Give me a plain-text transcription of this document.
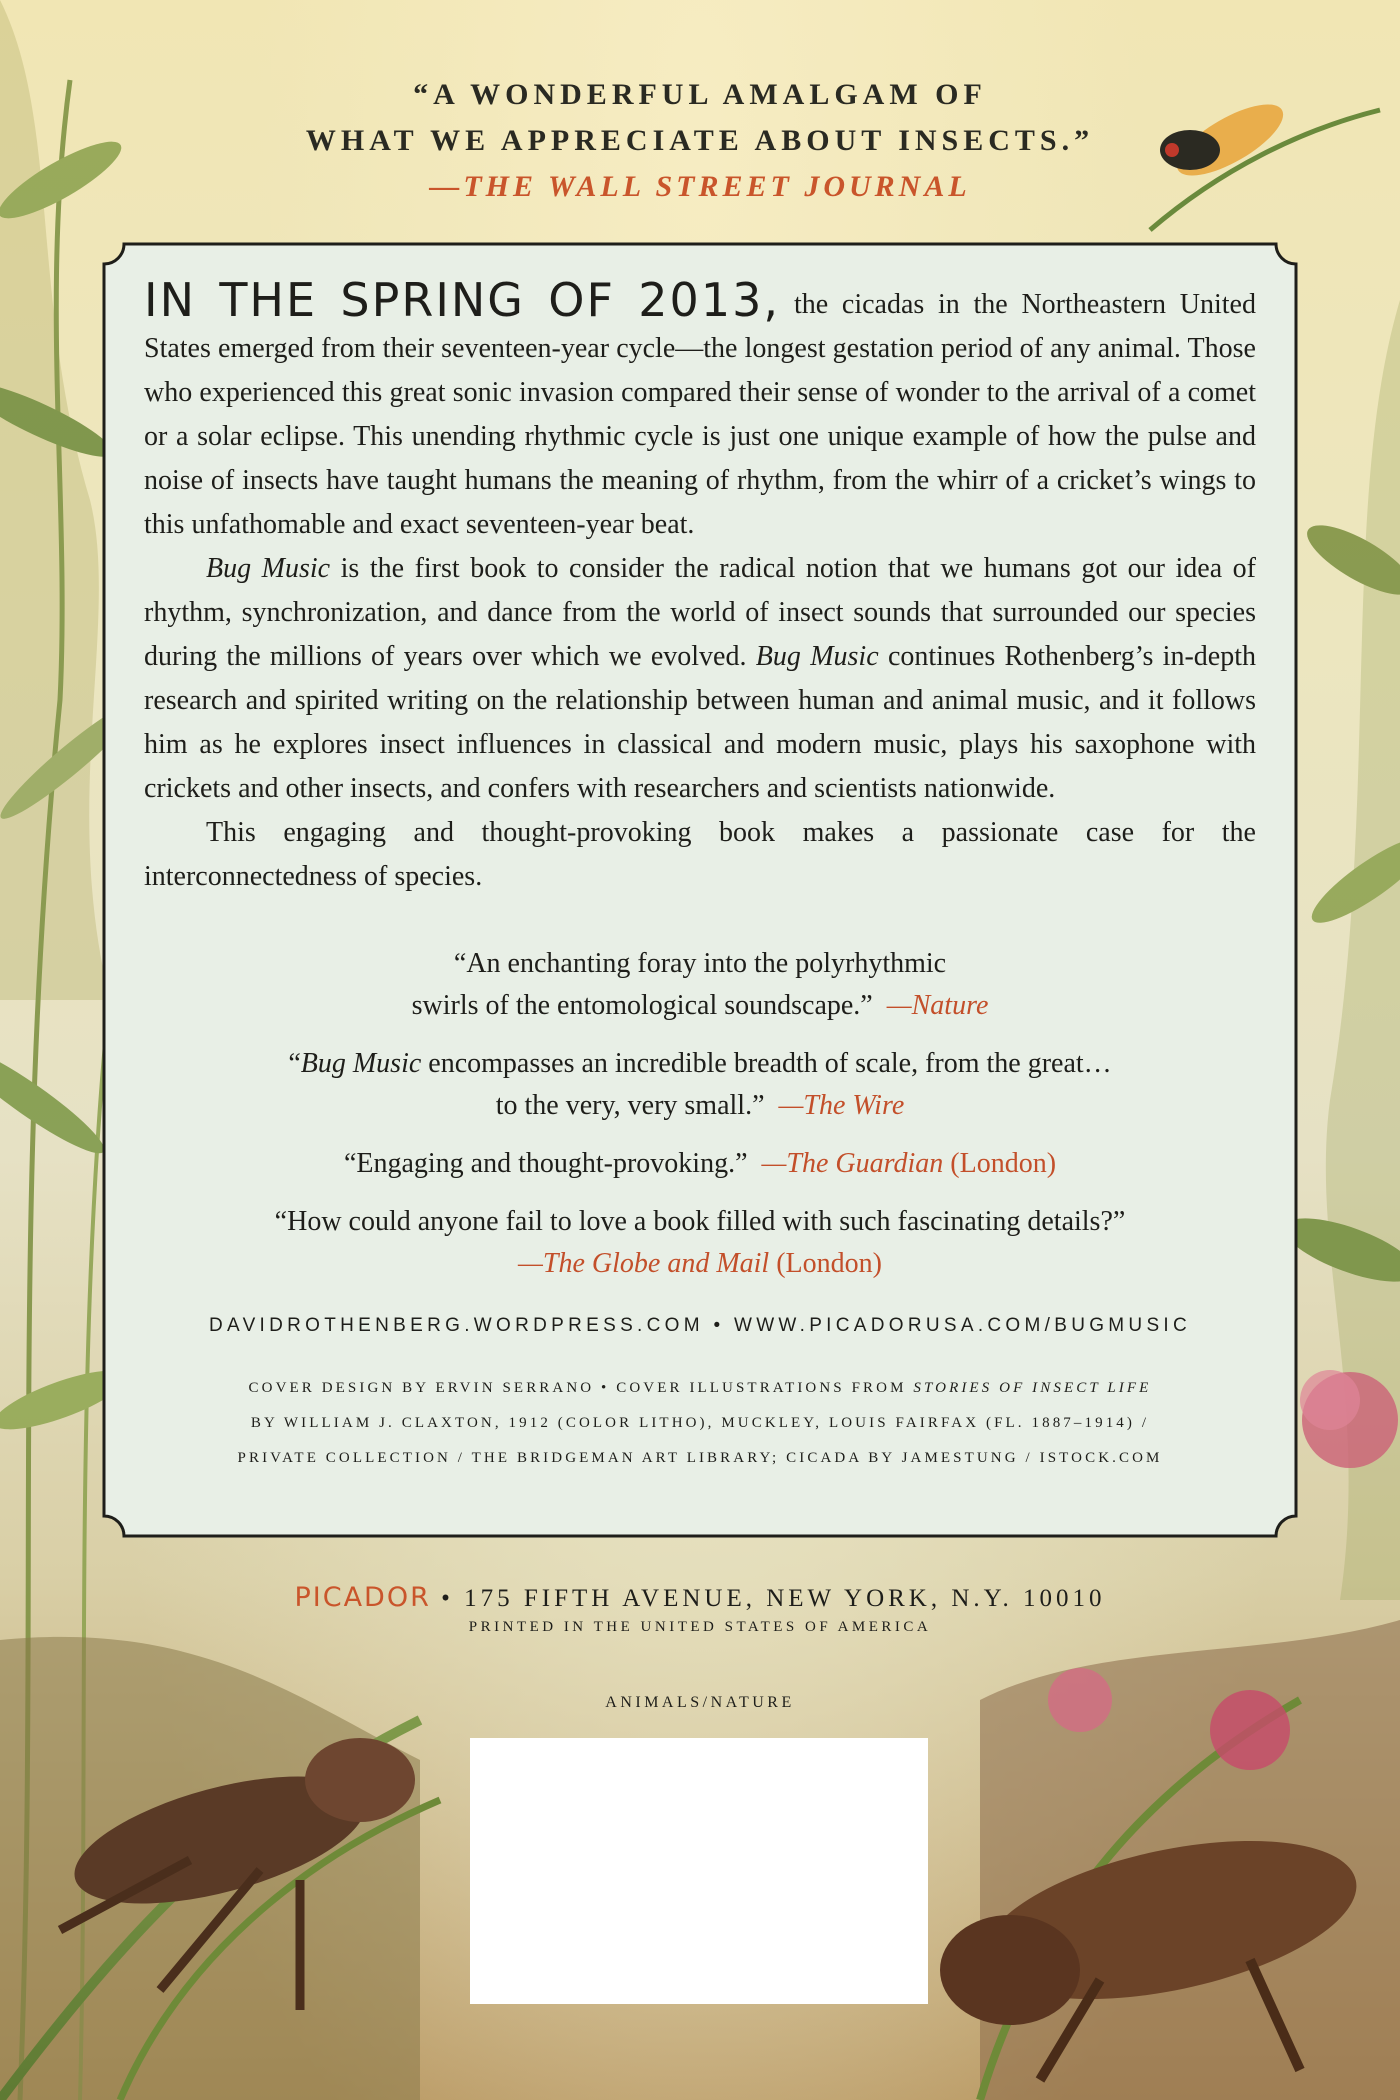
“A WONDERFUL AMALGAM OF
WHAT WE APPRECIATE ABOUT INSECTS.”
—THE WALL STREET JOURNAL

IN THE SPRING OF 2013, the cicadas in the Northeastern United States emerged from their seventeen-year cycle—the longest gestation period of any animal. Those who experienced this great sonic invasion compared their sense of wonder to the arrival of a comet or a solar eclipse. This unending rhythmic cycle is just one unique example of how the pulse and noise of insects have taught humans the meaning of rhythm, from the whirr of a cricket’s wings to this unfathomable and exact seventeen-year beat.

Bug Music is the first book to consider the radical notion that we humans got our idea of rhythm, synchronization, and dance from the world of insect sounds that surrounded our species during the millions of years over which we evolved. Bug Music continues Rothenberg’s in-depth research and spirited writing on the relationship between human and animal music, and it follows him as he explores insect influences in classical and modern music, plays his saxophone with crickets and other insects, and confers with researchers and scientists nationwide.

This engaging and thought-provoking book makes a passionate case for the interconnectedness of species.

“An enchanting foray into the polyrhythmic
swirls of the entomological soundscape.” —Nature
“Bug Music encompasses an incredible breadth of scale, from the great…
to the very, very small.” —The Wire
“Engaging and thought-provoking.” —The Guardian (London)
“How could anyone fail to love a book filled with such fascinating details?”
—The Globe and Mail (London)
DAVIDROTHENBERG.WORDPRESS.COM • WWW.PICADORUSA.COM/BUGMUSIC
COVER DESIGN BY ERVIN SERRANO • COVER ILLUSTRATIONS FROM STORIES OF INSECT LIFE
BY WILLIAM J. CLAXTON, 1912 (COLOR LITHO), MUCKLEY, LOUIS FAIRFAX (FL. 1887–1914) /
PRIVATE COLLECTION / THE BRIDGEMAN ART LIBRARY; CICADA BY JAMESTUNG / ISTOCK.COM
PICADOR • 175 FIFTH AVENUE, NEW YORK, N.Y. 10010
PRINTED IN THE UNITED STATES OF AMERICA
ANIMALS/NATURE
